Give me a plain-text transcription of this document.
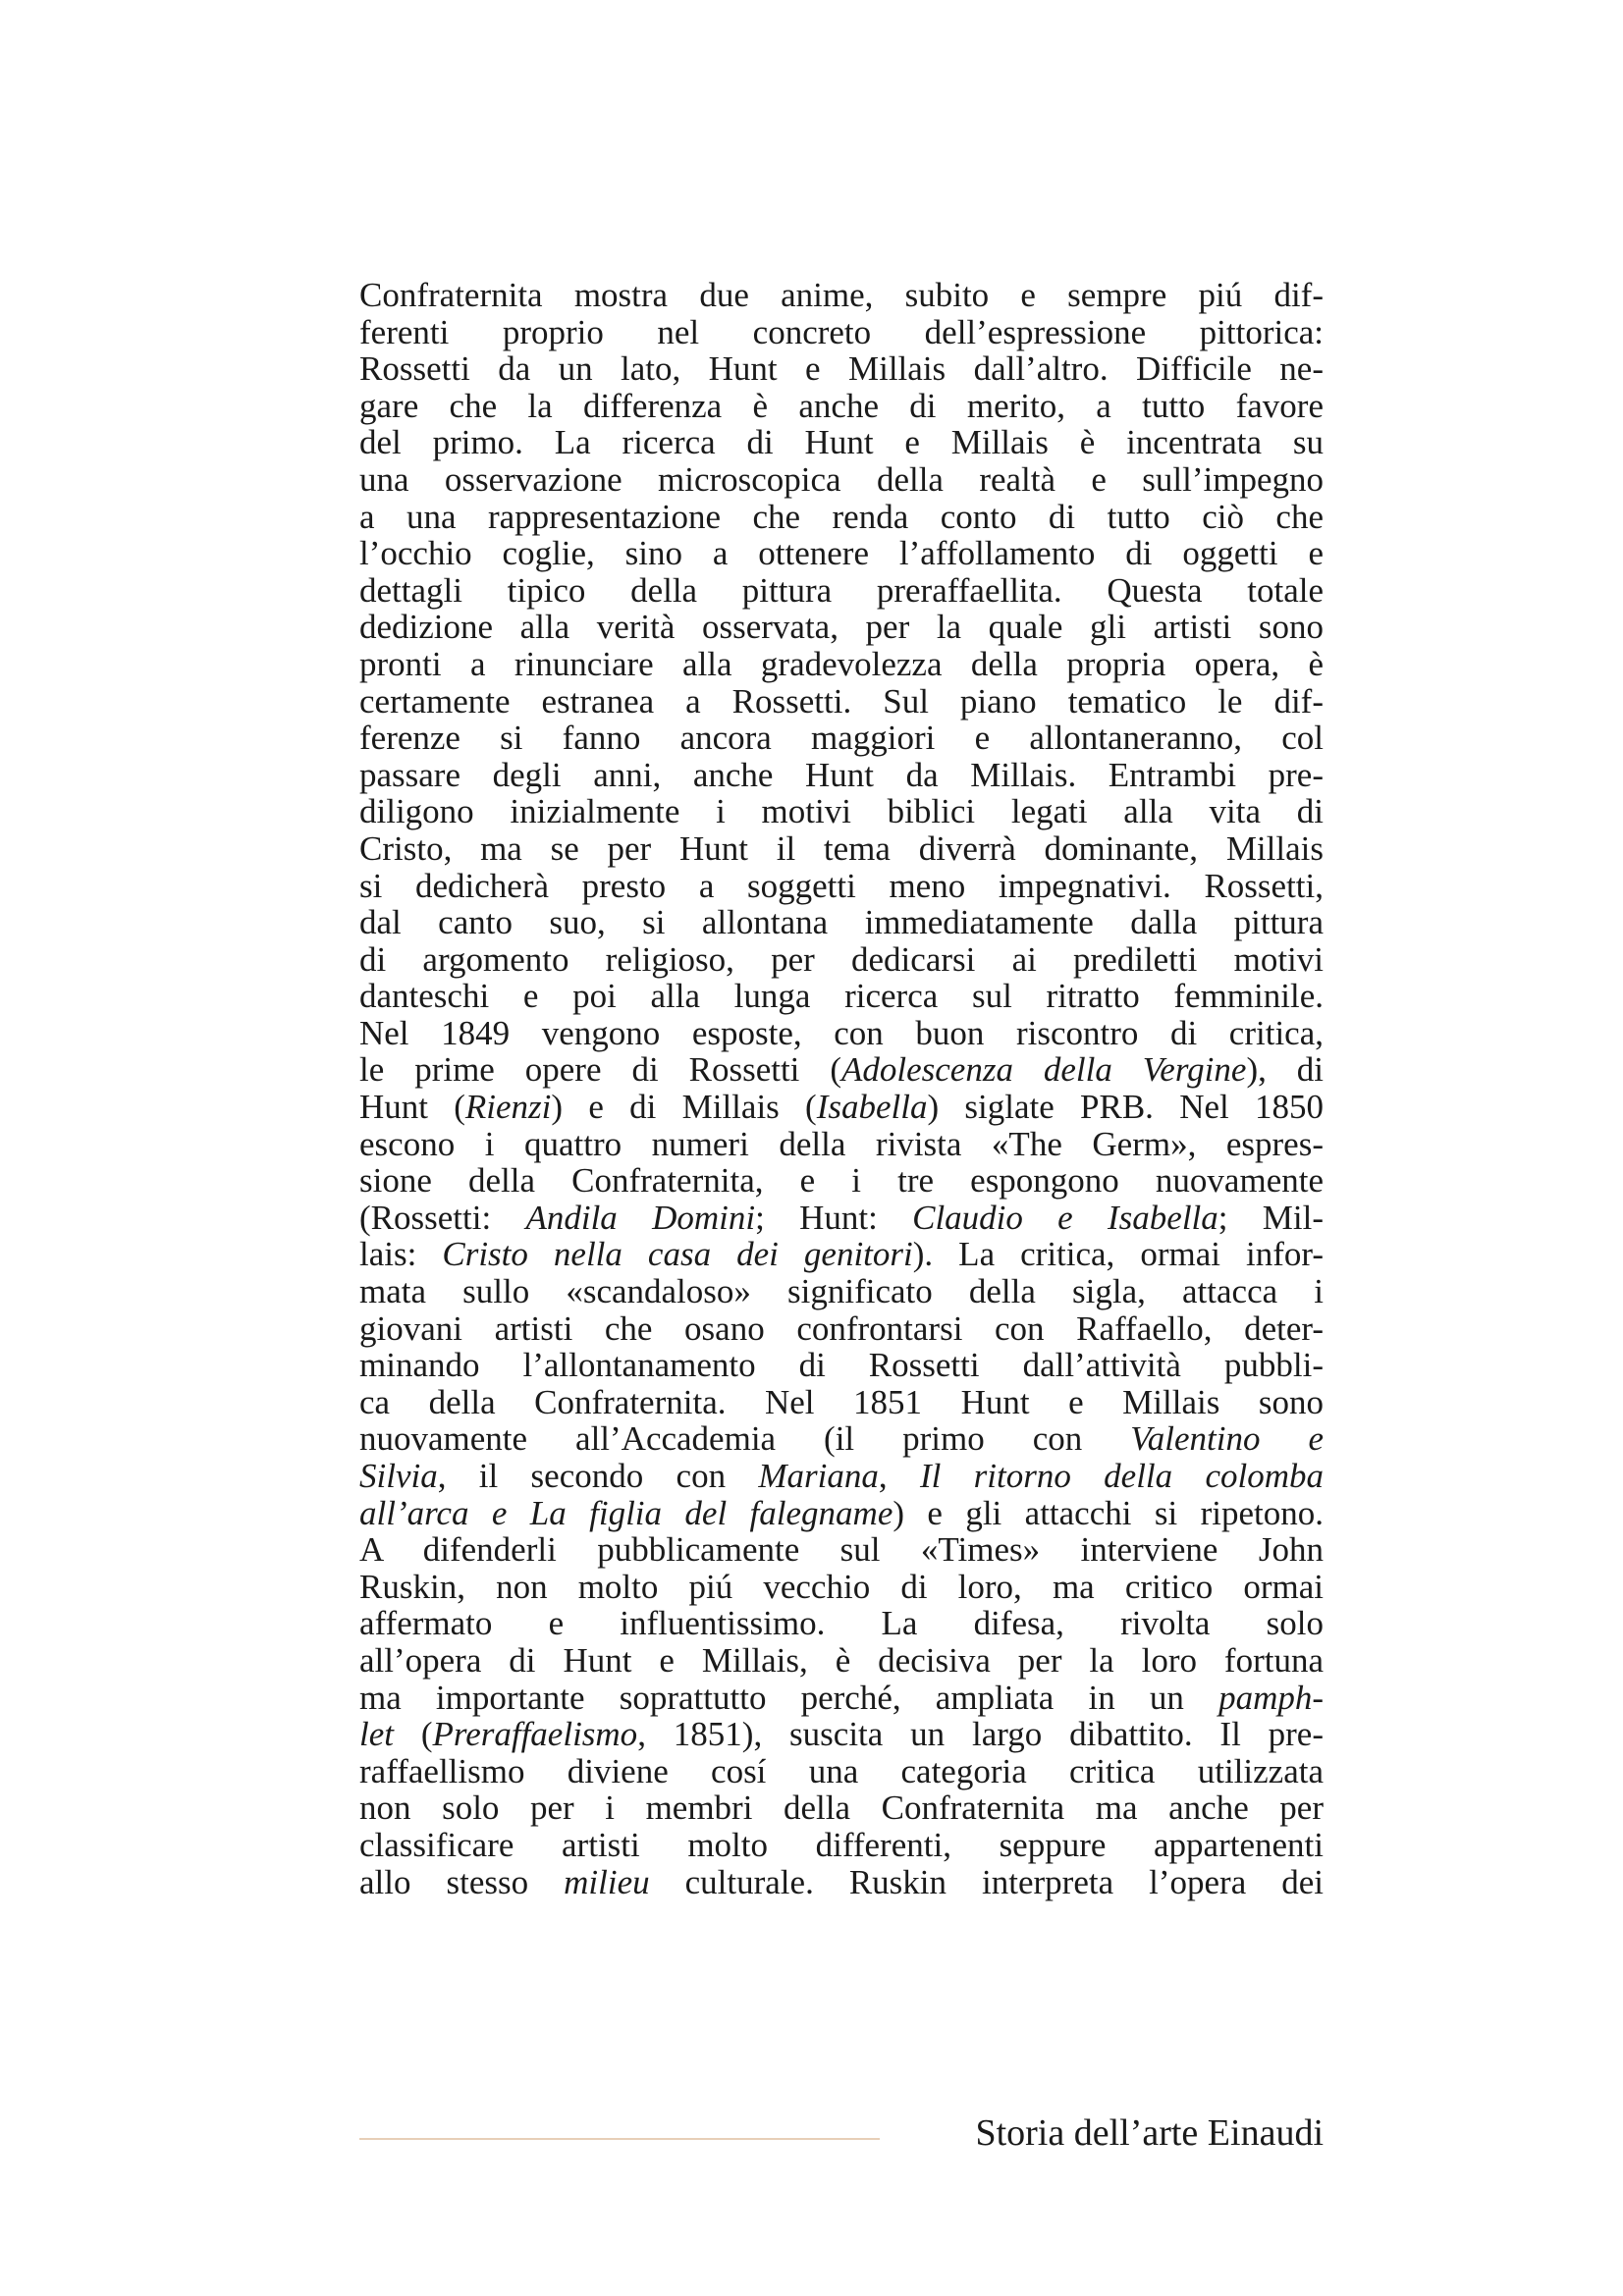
Confraternita mostra due anime, subito e sempre piú dif-
ferenti proprio nel concreto dell’espressione pittorica:
Rossetti da un lato, Hunt e Millais dall’altro. Difficile ne-
gare che la differenza è anche di merito, a tutto favore
del primo. La ricerca di Hunt e Millais è incentrata su
una osservazione microscopica della realtà e sull’impegno
a una rappresentazione che renda conto di tutto ciò che
l’occhio coglie, sino a ottenere l’affollamento di oggetti e
dettagli tipico della pittura preraffaellita. Questa totale
dedizione alla verità osservata, per la quale gli artisti sono
pronti a rinunciare alla gradevolezza della propria opera, è
certamente estranea a Rossetti. Sul piano tematico le dif-
ferenze si fanno ancora maggiori e allontaneranno, col
passare degli anni, anche Hunt da Millais. Entrambi pre-
diligono inizialmente i motivi biblici legati alla vita di
Cristo, ma se per Hunt il tema diverrà dominante, Millais
si dedicherà presto a soggetti meno impegnativi. Rossetti,
dal canto suo, si allontana immediatamente dalla pittura
di argomento religioso, per dedicarsi ai prediletti motivi
danteschi e poi alla lunga ricerca sul ritratto femminile.
Nel 1849 vengono esposte, con buon riscontro di critica,
le prime opere di Rossetti (Adolescenza della Vergine), di
Hunt (Rienzi) e di Millais (Isabella) siglate PRB. Nel 1850
escono i quattro numeri della rivista «The Germ», espres-
sione della Confraternita, e i tre espongono nuovamente
(Rossetti: Andila Domini; Hunt: Claudio e Isabella; Mil-
lais: Cristo nella casa dei genitori). La critica, ormai infor-
mata sullo «scandaloso» significato della sigla, attacca i
giovani artisti che osano confrontarsi con Raffaello, deter-
minando l’allontanamento di Rossetti dall’attività pubbli-
ca della Confraternita. Nel 1851 Hunt e Millais sono
nuovamente all’Accademia (il primo con Valentino e
Silvia, il secondo con Mariana, Il ritorno della colomba
all’arca e La figlia del falegname) e gli attacchi si ripetono.
A difenderli pubblicamente sul «Times» interviene John
Ruskin, non molto piú vecchio di loro, ma critico ormai
affermato e influentissimo. La difesa, rivolta solo
all’opera di Hunt e Millais, è decisiva per la loro fortuna
ma importante soprattutto perché, ampliata in un pamph-
let (Preraffaelismo, 1851), suscita un largo dibattito. Il pre-
raffaellismo diviene cosí una categoria critica utilizzata
non solo per i membri della Confraternita ma anche per
classificare artisti molto differenti, seppure appartenenti
allo stesso milieu culturale. Ruskin interpreta l’opera dei
Storia dell’arte Einaudi
